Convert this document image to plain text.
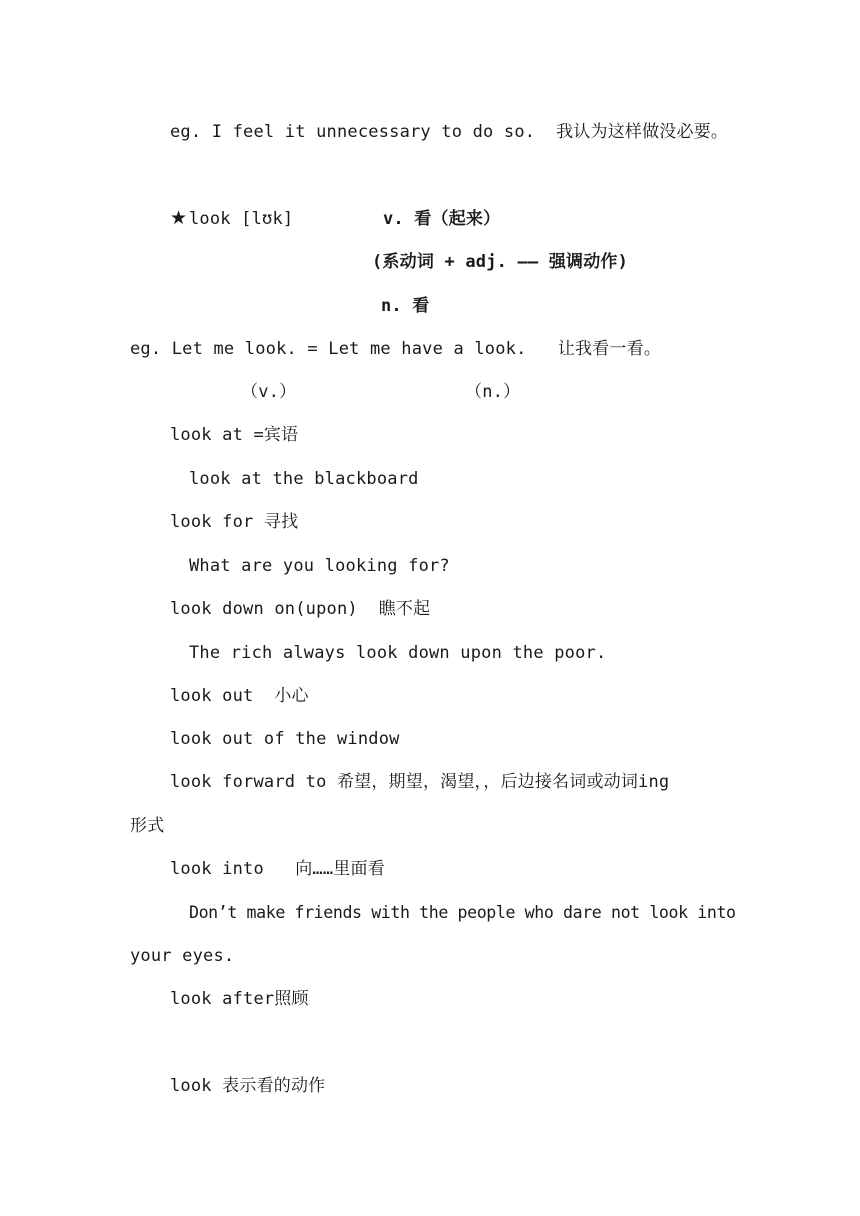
eg. I feel it unnecessary to do so.  我认为这样做没必要。
★ look [lʊk]	v. 看（起来）
(系动词 + adj. —— 强调动作)
n. 看
eg. Let me look. = Let me have a look.   让我看一看。
（v.）	（n.）
look at =宾语
look at the blackboard
look for 寻找
What are you looking for?
look down on(upon)  瞧不起
The rich always look down upon the poor.
look out  小心
look out of the window
look forward to 希望，期望，渴望，，后边接名词或动词ing
形式
look into   向……里面看
Don’t make friends with the people who dare not look into
your eyes.
look after照顾
look 表示看的动作
